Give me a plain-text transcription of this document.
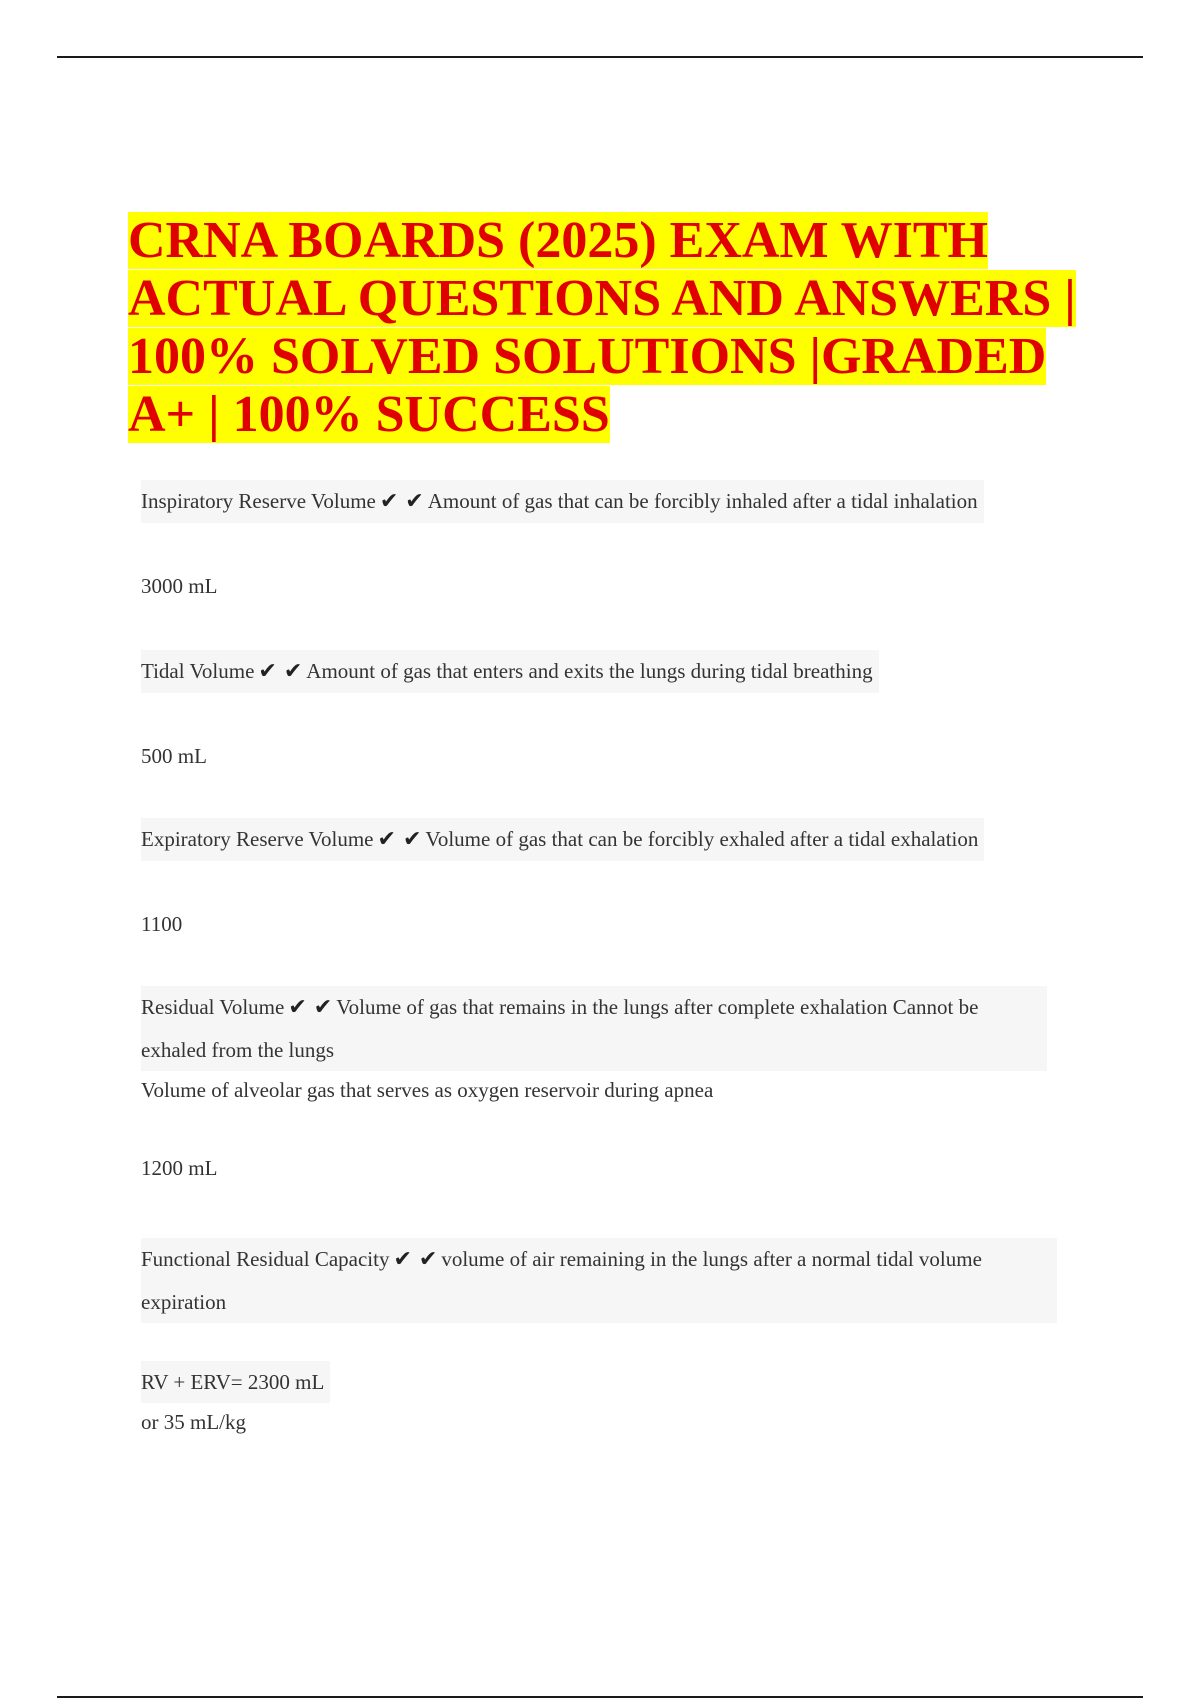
CRNA BOARDS (2025) EXAM WITH ACTUAL QUESTIONS AND ANSWERS | 100% SOLVED SOLUTIONS |GRADED A+ | 100% SUCCESS
Inspiratory Reserve Volume ✔ ✔ Amount of gas that can be forcibly inhaled after a tidal inhalation
3000 mL
Tidal Volume ✔ ✔ Amount of gas that enters and exits the lungs during tidal breathing
500 mL
Expiratory Reserve Volume ✔ ✔ Volume of gas that can be forcibly exhaled after a tidal exhalation
1100
Residual Volume ✔ ✔ Volume of gas that remains in the lungs after complete exhalation Cannot be exhaled from the lungs
Volume of alveolar gas that serves as oxygen reservoir during apnea
1200 mL
Functional Residual Capacity ✔ ✔ volume of air remaining in the lungs after a normal tidal volume expiration
RV + ERV= 2300 mL
or 35 mL/kg
